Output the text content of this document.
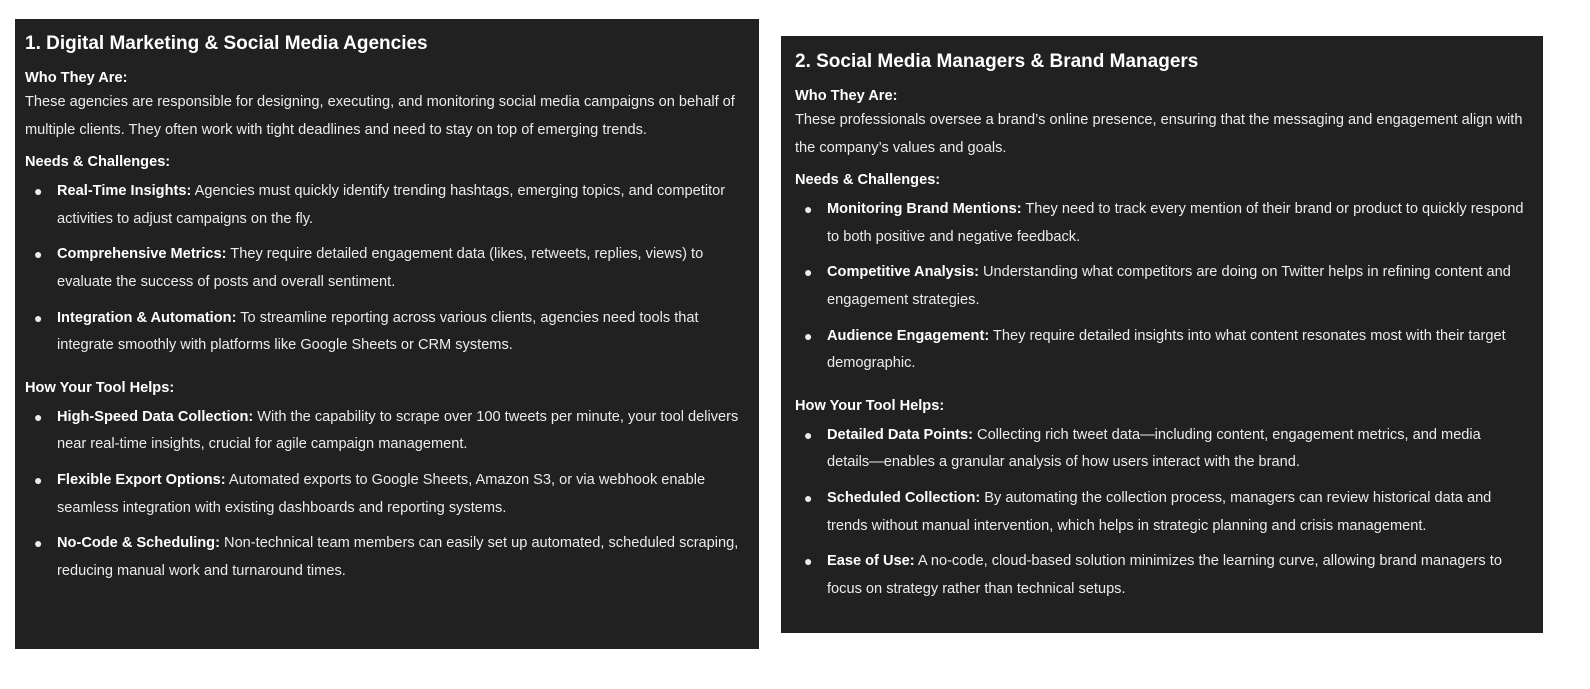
1. Digital Marketing & Social Media Agencies
Who They Are:
These agencies are responsible for designing, executing, and monitoring social media campaigns on behalf of multiple clients. They often work with tight deadlines and need to stay on top of emerging trends.
Needs & Challenges:
● Real-Time Insights: Agencies must quickly identify trending hashtags, emerging topics, and competitor activities to adjust campaigns on the fly.
● Comprehensive Metrics: They require detailed engagement data (likes, retweets, replies, views) to evaluate the success of posts and overall sentiment.
● Integration & Automation: To streamline reporting across various clients, agencies need tools that integrate smoothly with platforms like Google Sheets or CRM systems.
How Your Tool Helps:
● High-Speed Data Collection: With the capability to scrape over 100 tweets per minute, your tool delivers near real-time insights, crucial for agile campaign management.
● Flexible Export Options: Automated exports to Google Sheets, Amazon S3, or via webhook enable seamless integration with existing dashboards and reporting systems.
● No-Code & Scheduling: Non-technical team members can easily set up automated, scheduled scraping, reducing manual work and turnaround times.
2. Social Media Managers & Brand Managers
Who They Are:
These professionals oversee a brand’s online presence, ensuring that the messaging and engagement align with the company’s values and goals.
Needs & Challenges:
● Monitoring Brand Mentions: They need to track every mention of their brand or product to quickly respond to both positive and negative feedback.
● Competitive Analysis: Understanding what competitors are doing on Twitter helps in refining content and engagement strategies.
● Audience Engagement: They require detailed insights into what content resonates most with their target demographic.
How Your Tool Helps:
● Detailed Data Points: Collecting rich tweet data—including content, engagement metrics, and media details—enables a granular analysis of how users interact with the brand.
● Scheduled Collection: By automating the collection process, managers can review historical data and trends without manual intervention, which helps in strategic planning and crisis management.
● Ease of Use: A no-code, cloud-based solution minimizes the learning curve, allowing brand managers to focus on strategy rather than technical setups.
